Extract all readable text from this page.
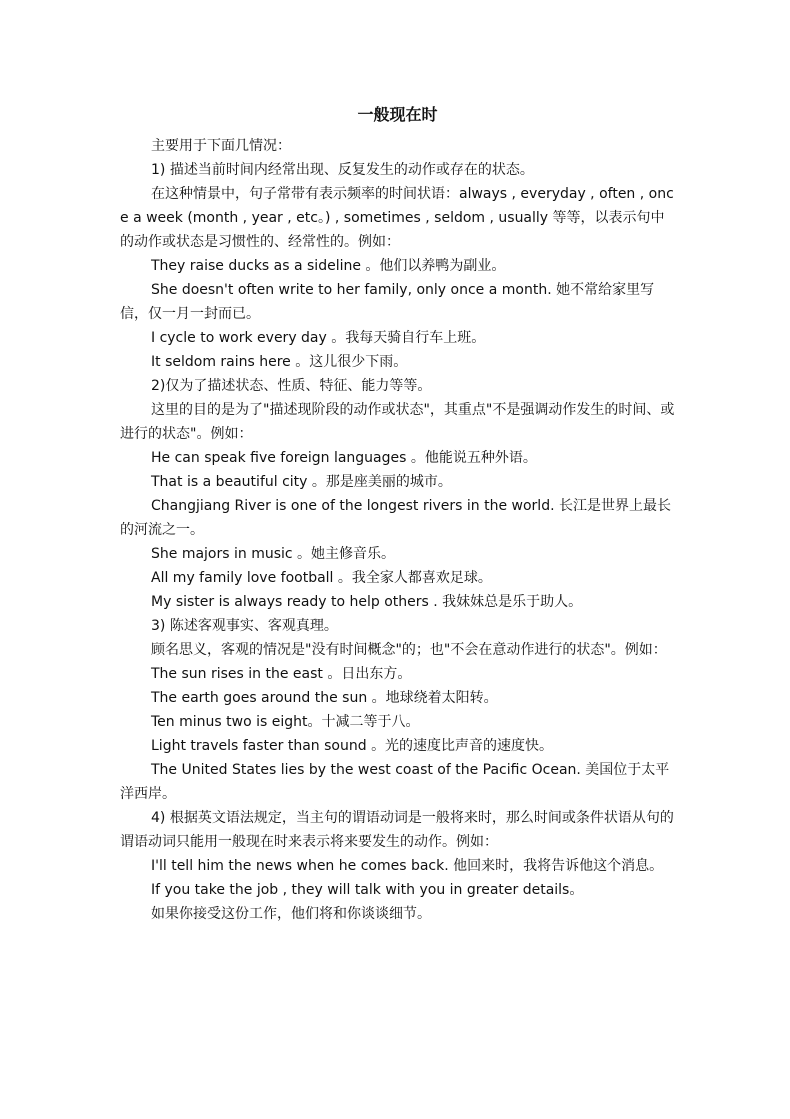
一般现在时

主要用于下面几情况：

1) 描述当前时间内经常出现、反复发生的动作或存在的状态。

在这种情景中，句子常带有表示频率的时间状语：always , everyday , often , once a week (month , year , etc。) , sometimes , seldom , usually 等等，以表示句中的动作或状态是习惯性的、经常性的。例如：

They raise ducks as a sideline 。他们以养鸭为副业。

She doesn't often write to her family, only once a month. 她不常给家里写信，仅一月一封而已。

I cycle to work every day 。我每天骑自行车上班。

It seldom rains here 。这儿很少下雨。

2)仅为了描述状态、性质、特征、能力等等。

这里的目的是为了"描述现阶段的动作或状态"，其重点"不是强调动作发生的时间、或进行的状态"。例如：

He can speak five foreign languages 。他能说五种外语。

That is a beautiful city 。那是座美丽的城市。

Changjiang River is one of the longest rivers in the world. 长江是世界上最长的河流之一。

She majors in music 。她主修音乐。

All my family love football 。我全家人都喜欢足球。

My sister is always ready to help others . 我妹妹总是乐于助人。

3) 陈述客观事实、客观真理。

顾名思义，客观的情况是"没有时间概念"的；也"不会在意动作进行的状态"。例如：

The sun rises in the east 。日出东方。

The earth goes around the sun 。地球绕着太阳转。

Ten minus two is eight。十减二等于八。

Light travels faster than sound 。光的速度比声音的速度快。

The United States lies by the west coast of the Pacific Ocean. 美国位于太平洋西岸。

4) 根据英文语法规定，当主句的谓语动词是一般将来时，那么时间或条件状语从句的谓语动词只能用一般现在时来表示将来要发生的动作。例如：

I'll tell him the news when he comes back. 他回来时，我将告诉他这个消息。

If you take the job , they will talk with you in greater details。

如果你接受这份工作，他们将和你谈谈细节。
